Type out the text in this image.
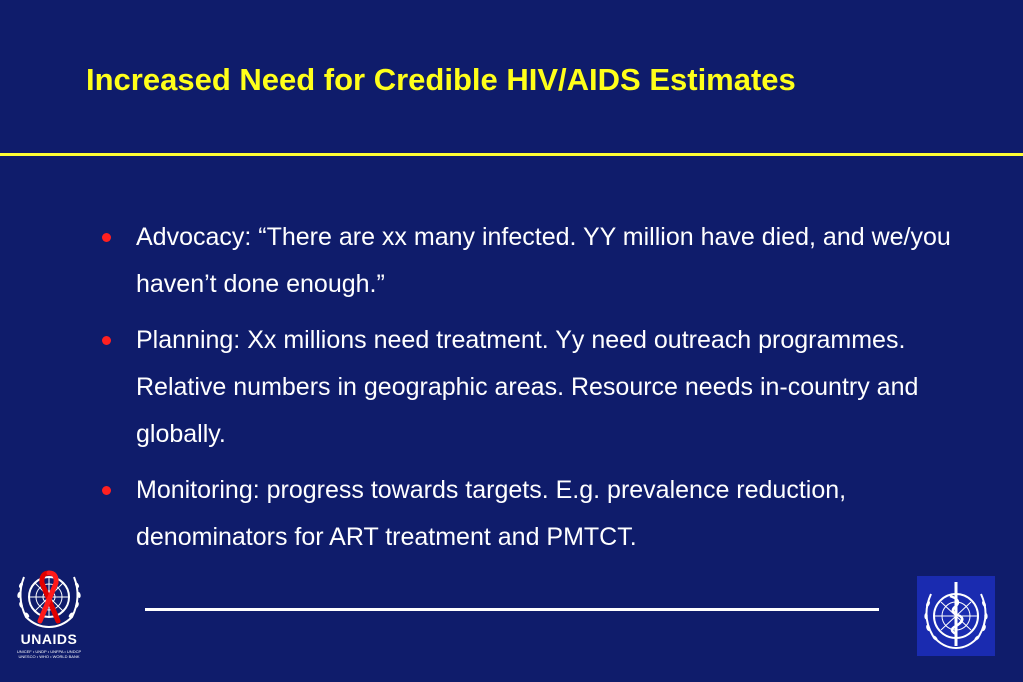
Increased Need for Credible HIV/AIDS Estimates
Advocacy: “There are xx many infected. YY million have died, and we/you haven’t done enough.”
Planning: Xx millions need treatment. Yy need outreach programmes. Relative numbers in geographic areas. Resource needs in-country and globally.
Monitoring: progress towards targets. E.g. prevalence reduction, denominators for ART treatment and PMTCT.
UNAIDS
UNICEF • UNDP • UNFPA • UNDCP
UNESCO • WHO • WORLD BANK
